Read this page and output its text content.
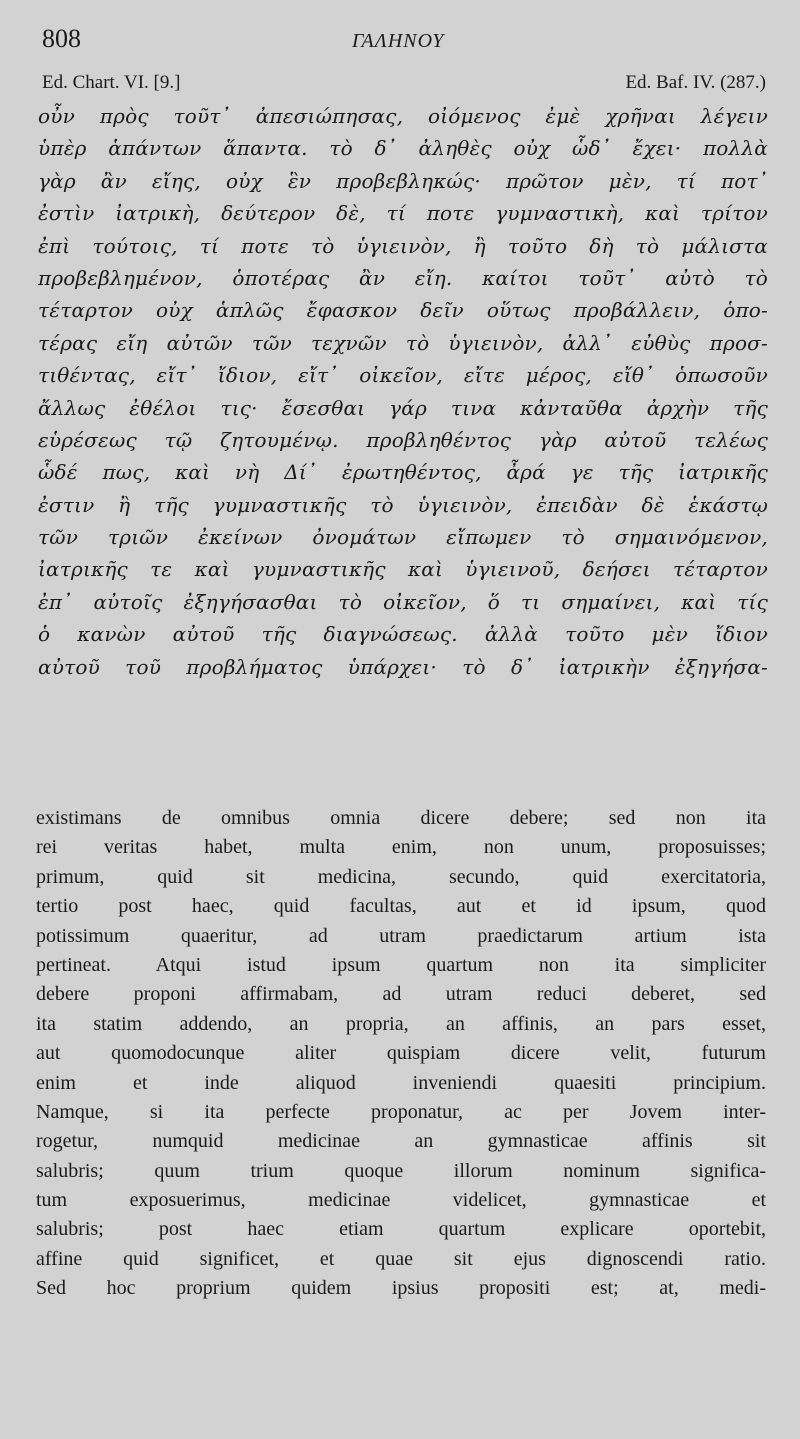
808	ΓΑΛΗΝΟΥ
Ed. Chart. VI. [9.]	Ed. Baf. IV. (287.)
οὖν πρὸς τοῦτ᾽ ἀπεσιώπησας, οἰόμενος ἐμὲ χρῆναι λέγειν
ὑπὲρ ἁπάντων ἅπαντα. τὸ δ᾽ ἀληθὲς οὐχ ὧδ᾽ ἔχει· πολλὰ
γὰρ ἂν εἴης, οὐχ ἓν προβεβληκώς· πρῶτον μὲν, τί ποτ᾽
ἐστὶν ἰατρικὴ, δεύτερον δὲ, τί ποτε γυμναστικὴ, καὶ τρίτον
ἐπὶ τούτοις, τί ποτε τὸ ὑγιεινὸν, ἢ τοῦτο δὴ τὸ μάλιστα
προβεβλημένον, ὁποτέρας ἂν εἴη. καίτοι τοῦτ᾽ αὐτὸ τὸ
τέταρτον οὐχ ἁπλῶς ἔφασκον δεῖν οὕτως προβάλλειν, ὁπο-
τέρας εἴη αὐτῶν τῶν τεχνῶν τὸ ὑγιεινὸν, ἀλλ᾽ εὐθὺς προσ-
τιθέντας, εἴτ᾽ ἴδιον, εἴτ᾽ οἰκεῖον, εἴτε μέρος, εἴθ᾽ ὁπωσοῦν
ἄλλως ἐθέλοι τις· ἔσεσθαι γάρ τινα κἀνταῦθα ἀρχὴν τῆς
εὑρέσεως τῷ ζητουμένῳ. προβληθέντος γὰρ αὐτοῦ τελέως
ὧδέ πως, καὶ νὴ Δί᾽ ἐρωτηθέντος, ἆρά γε τῆς ἰατρικῆς
ἐστιν ἢ τῆς γυμναστικῆς τὸ ὑγιεινὸν, ἐπειδὰν δὲ ἑκάστῳ
τῶν τριῶν ἐκείνων ὀνομάτων εἴπωμεν τὸ σημαινόμενον,
ἰατρικῆς τε καὶ γυμναστικῆς καὶ ὑγιεινοῦ, δεήσει τέταρτον
ἐπ᾽ αὐτοῖς ἐξηγήσασθαι τὸ οἰκεῖον, ὅ τι σημαίνει, καὶ τίς
ὁ κανὼν αὐτοῦ τῆς διαγνώσεως. ἀλλὰ τοῦτο μὲν ἴδιον
αὐτοῦ τοῦ προβλήματος ὑπάρχει· τὸ δ᾽ ἰατρικὴν ἐξηγήσα-
existimans de omnibus omnia dicere debere; sed non ita
rei veritas habet, multa enim, non unum, proposuisses;
primum, quid sit medicina, secundo, quid exercitatoria,
tertio post haec, quid facultas, aut et id ipsum, quod
potissimum quaeritur, ad utram praedictarum artium ista
pertineat. Atqui istud ipsum quartum non ita simpliciter
debere proponi affirmabam, ad utram reduci deberet, sed
ita statim addendo, an propria, an affinis, an pars esset,
aut quomodocunque aliter quispiam dicere velit, futurum
enim et inde aliquod inveniendi quaesiti principium.
Namque, si ita perfecte proponatur, ac per Jovem inter-
rogetur, numquid medicinae an gymnasticae affinis sit
salubris; quum trium quoque illorum nominum significa-
tum exposuerimus, medicinae videlicet, gymnasticae et
salubris; post haec etiam quartum explicare oportebit,
affine quid significet, et quae sit ejus dignoscendi ratio.
Sed hoc proprium quidem ipsius propositi est; at, medi-
